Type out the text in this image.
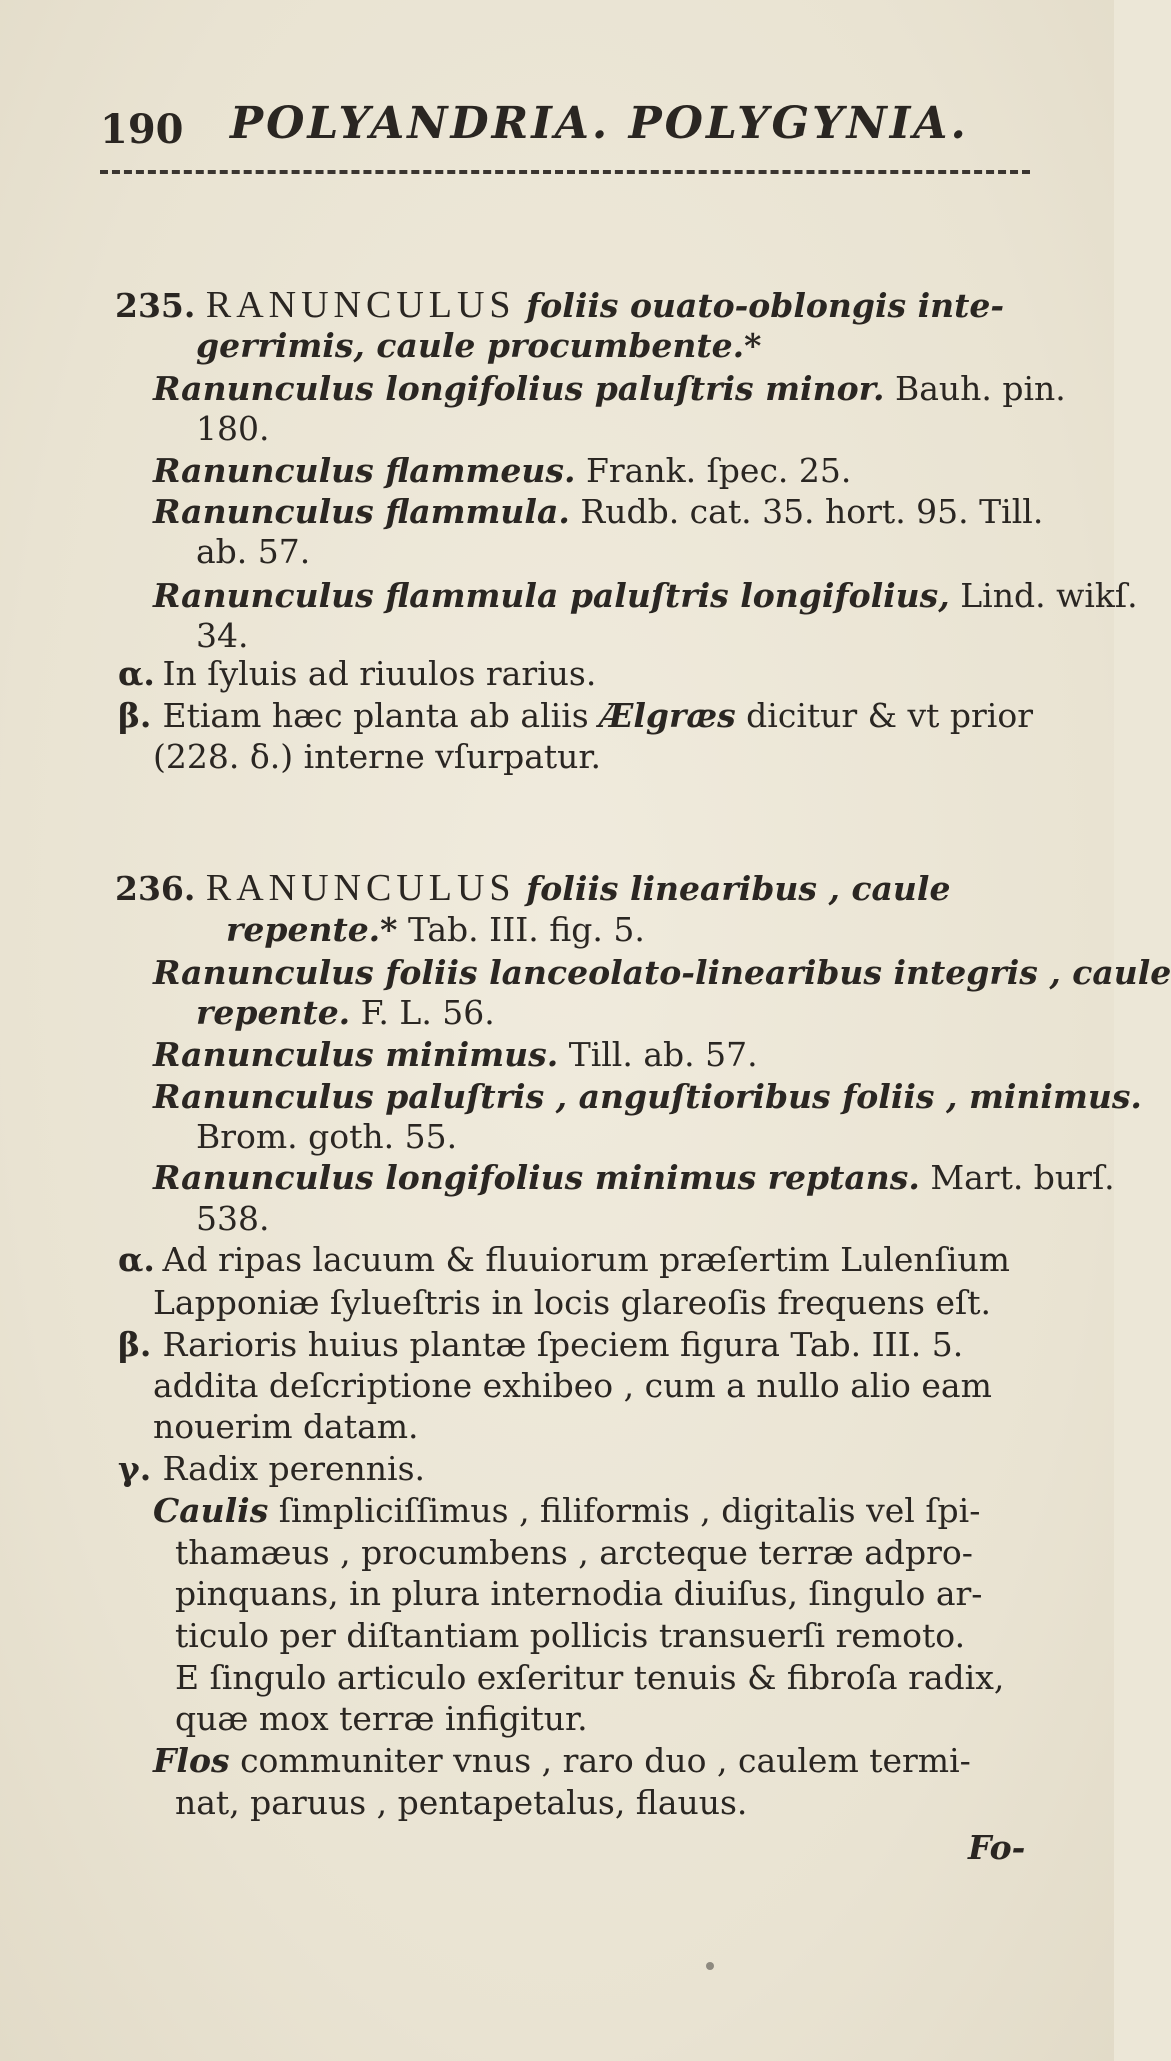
190 POLYANDRIA. POLYGYNIA.
235. RANUNCULUS foliis ouato-oblongis inte-
gerrimis, caule procumbente.*
Ranunculus longifolius paluſtris minor. Bauh. pin.
180.
Ranunculus flammeus. Frank. ſpec. 25.
Ranunculus flammula. Rudb. cat. 35. hort. 95. Till.
ab. 57.
Ranunculus flammula paluſtris longifolius, Lind. wikſ.
34.
α. In ſyluis ad riuulos rarius.
β. Etiam hæc planta ab aliis Ælgræs dicitur & vt prior
(228. δ.) interne vſurpatur.
236. RANUNCULUS foliis linearibus , caule
repente.* Tab. III. fig. 5.
Ranunculus foliis lanceolato-linearibus integris , caule
repente. F. L. 56.
Ranunculus minimus. Till. ab. 57.
Ranunculus paluſtris , anguſtioribus foliis , minimus.
Brom. goth. 55.
Ranunculus longifolius minimus reptans. Mart. burſ.
538.
α. Ad ripas lacuum & fluuiorum præſertim Lulenſium
Lapponiæ ſylueſtris in locis glareoſis frequens eſt.
β. Rarioris huius plantæ ſpeciem figura Tab. III. 5.
addita deſcriptione exhibeo , cum a nullo alio eam
nouerim datam.
γ. Radix perennis.
Caulis ſimpliciſſimus , filiformis , digitalis vel ſpi-
thamæus , procumbens , arcteque terræ adpro-
pinquans, in plura internodia diuiſus, ſingulo ar-
ticulo per diſtantiam pollicis transuerſi remoto.
E ſingulo articulo exſeritur tenuis & fibroſa radix,
quæ mox terræ infigitur.
Flos communiter vnus , raro duo , caulem termi-
nat, paruus , pentapetalus, flauus.
Fo-
